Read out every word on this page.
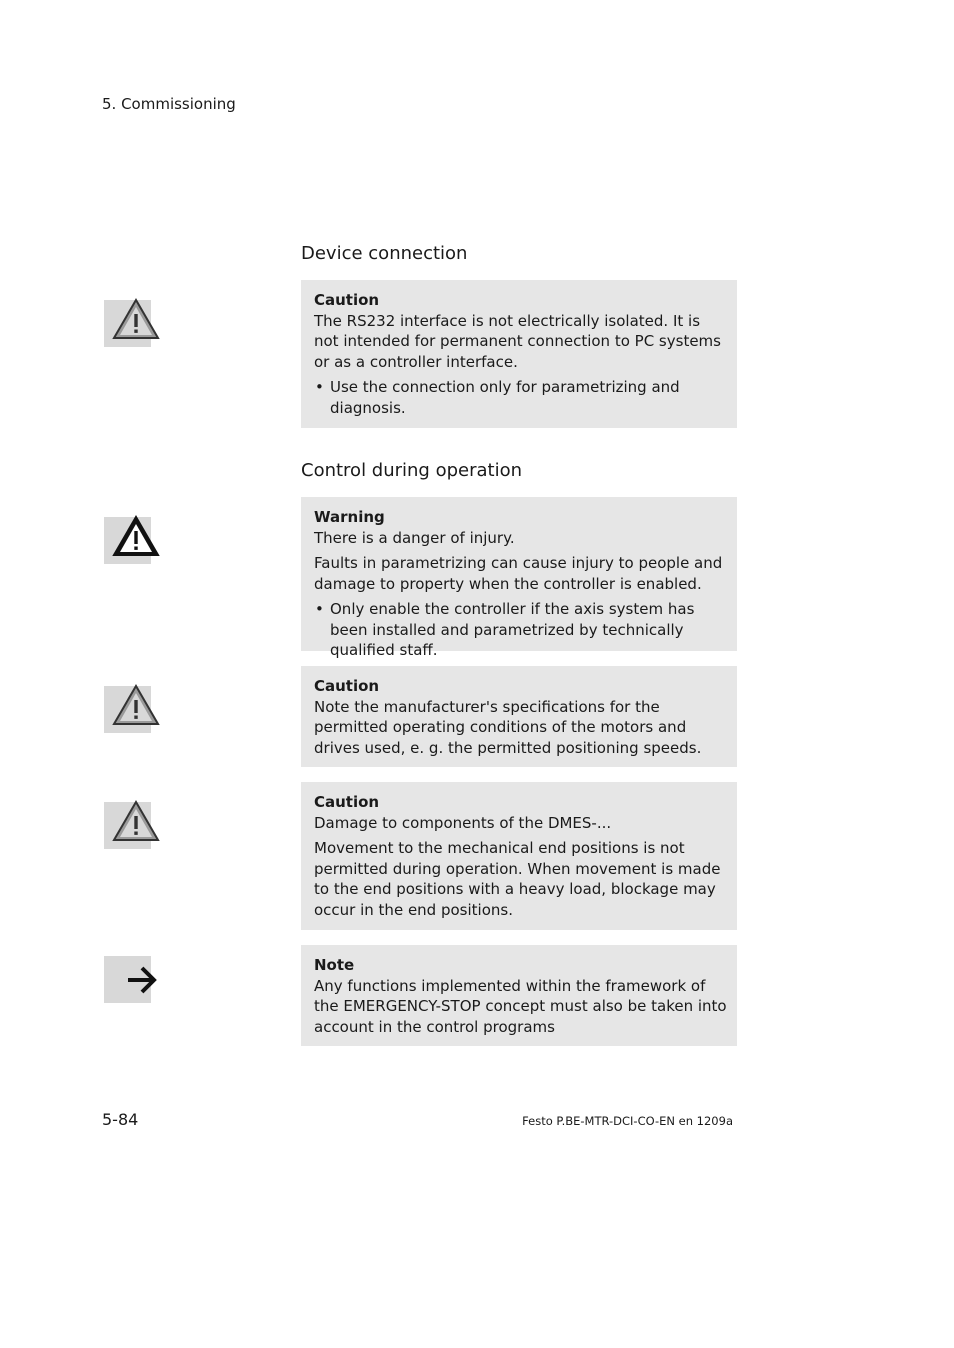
5. Commissioning
Device connection
Caution

The RS232 interface is not electrically isolated. It is not intended for permanent connection to PC systems or as a controller interface.

• Use the connection only for parametrizing and diagnosis.
Control during operation
Warning

There is a danger of injury.

Faults in parametrizing can cause injury to people and damage to property when the controller is enabled.

• Only enable the controller if the axis system has been installed and parametrized by technically qualified staff.
Caution

Note the manufacturer's specifications for the permitted operating conditions of the motors and drives used, e. g. the permitted positioning speeds.

Caution

Damage to components of the DMES-...

Movement to the mechanical end positions is not permitted during operation. When movement is made to the end positions with a heavy load, blockage may occur in the end positions.

Note

Any functions implemented within the framework of the EMERGENCY-STOP concept must also be taken into account in the control programs

5-84	Festo P.BE-MTR-DCI-CO-EN en 1209a
